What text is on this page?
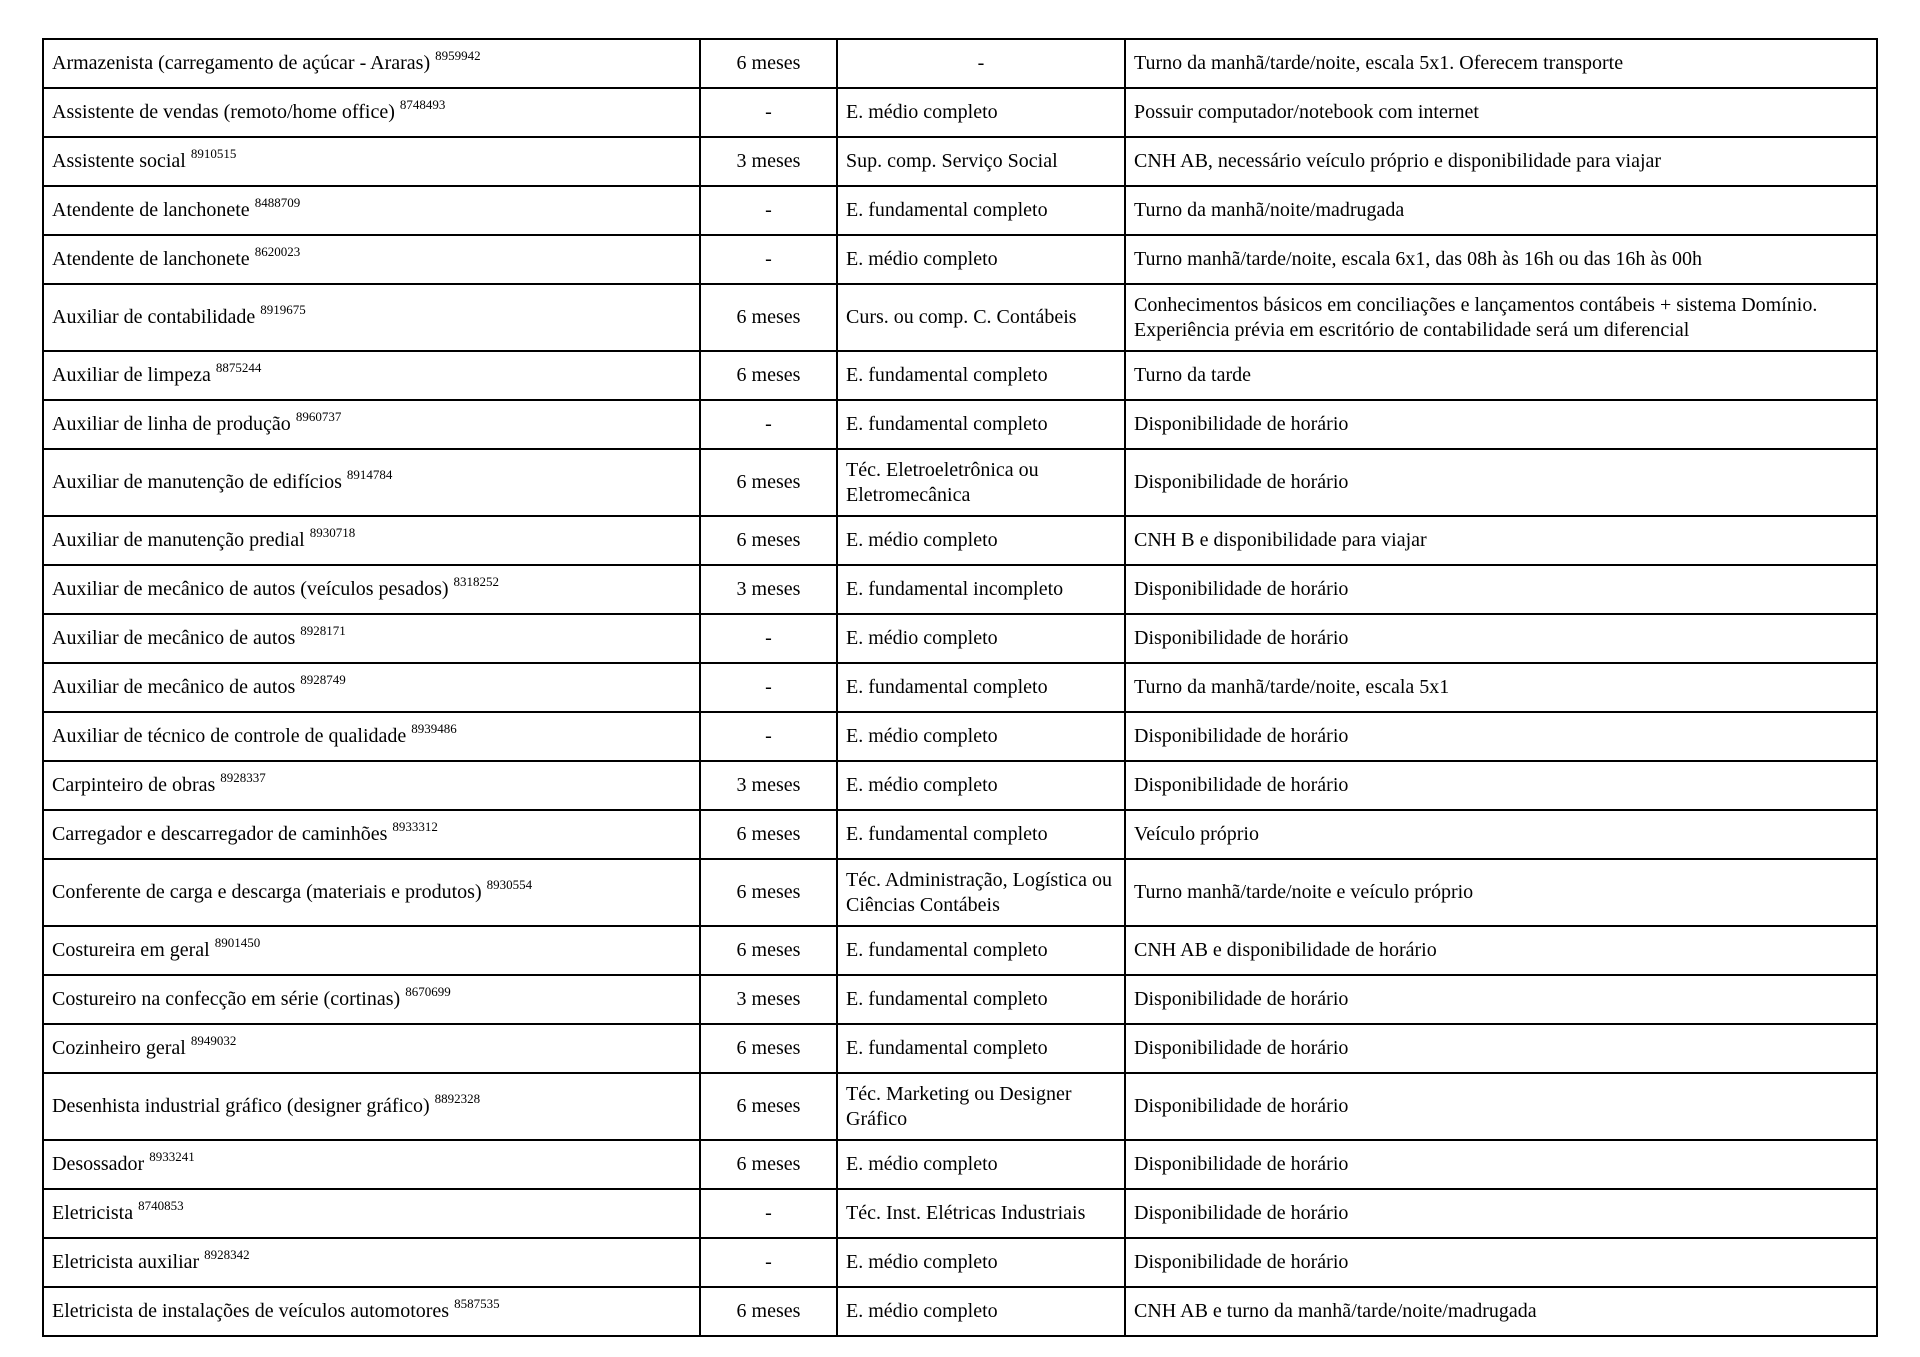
Armazenista (carregamento de açúcar - Araras) $^{8959942}$	6 meses	-	Turno da manhã/tarde/noite, escala 5x1. Oferecem transporte
Assistente de vendas (remoto/home office) $^{8748493}$	-	E. médio completo	Possuir computador/notebook com internet
Assistente social $^{8910515}$	3 meses	Sup. comp. Serviço Social	CNH AB, necessário veículo próprio e disponibilidade para viajar
Atendente de lanchonete $^{8488709}$	-	E. fundamental completo	Turno da manhã/noite/madrugada
Atendente de lanchonete $^{8620023}$	-	E. médio completo	Turno manhã/tarde/noite, escala 6x1, das 08h às 16h ou das 16h às 00h
Auxiliar de contabilidade $^{8919675}$	6 meses	Curs. ou comp. C. Contábeis	Conhecimentos básicos em conciliações e lançamentos contábeis + sistema Domínio. Experiência prévia em escritório de contabilidade será um diferencial
Auxiliar de limpeza $^{8875244}$	6 meses	E. fundamental completo	Turno da tarde
Auxiliar de linha de produção $^{8960737}$	-	E. fundamental completo	Disponibilidade de horário
Auxiliar de manutenção de edifícios $^{8914784}$	6 meses	Téc. Eletroeletrônica ou Eletromecânica	Disponibilidade de horário
Auxiliar de manutenção predial $^{8930718}$	6 meses	E. médio completo	CNH B e disponibilidade para viajar
Auxiliar de mecânico de autos (veículos pesados) $^{8318252}$	3 meses	E. fundamental incompleto	Disponibilidade de horário
Auxiliar de mecânico de autos $^{8928171}$	-	E. médio completo	Disponibilidade de horário
Auxiliar de mecânico de autos $^{8928749}$	-	E. fundamental completo	Turno da manhã/tarde/noite, escala 5x1
Auxiliar de técnico de controle de qualidade $^{8939486}$	-	E. médio completo	Disponibilidade de horário
Carpinteiro de obras $^{8928337}$	3 meses	E. médio completo	Disponibilidade de horário
Carregador e descarregador de caminhões $^{8933312}$	6 meses	E. fundamental completo	Veículo próprio
Conferente de carga e descarga (materiais e produtos) $^{8930554}$	6 meses	Téc. Administração, Logística ou Ciências Contábeis	Turno manhã/tarde/noite e veículo próprio
Costureira em geral $^{8901450}$	6 meses	E. fundamental completo	CNH AB e disponibilidade de horário
Costureiro na confecção em série (cortinas) $^{8670699}$	3 meses	E. fundamental completo	Disponibilidade de horário
Cozinheiro geral $^{8949032}$	6 meses	E. fundamental completo	Disponibilidade de horário
Desenhista industrial gráfico (designer gráfico) $^{8892328}$	6 meses	Téc. Marketing ou Designer Gráfico	Disponibilidade de horário
Desossador $^{8933241}$	6 meses	E. médio completo	Disponibilidade de horário
Eletricista $^{8740853}$	-	Téc. Inst. Elétricas Industriais	Disponibilidade de horário
Eletricista auxiliar $^{8928342}$	-	E. médio completo	Disponibilidade de horário
Eletricista de instalações de veículos automotores $^{8587535}$	6 meses	E. médio completo	CNH AB e turno da manhã/tarde/noite/madrugada
